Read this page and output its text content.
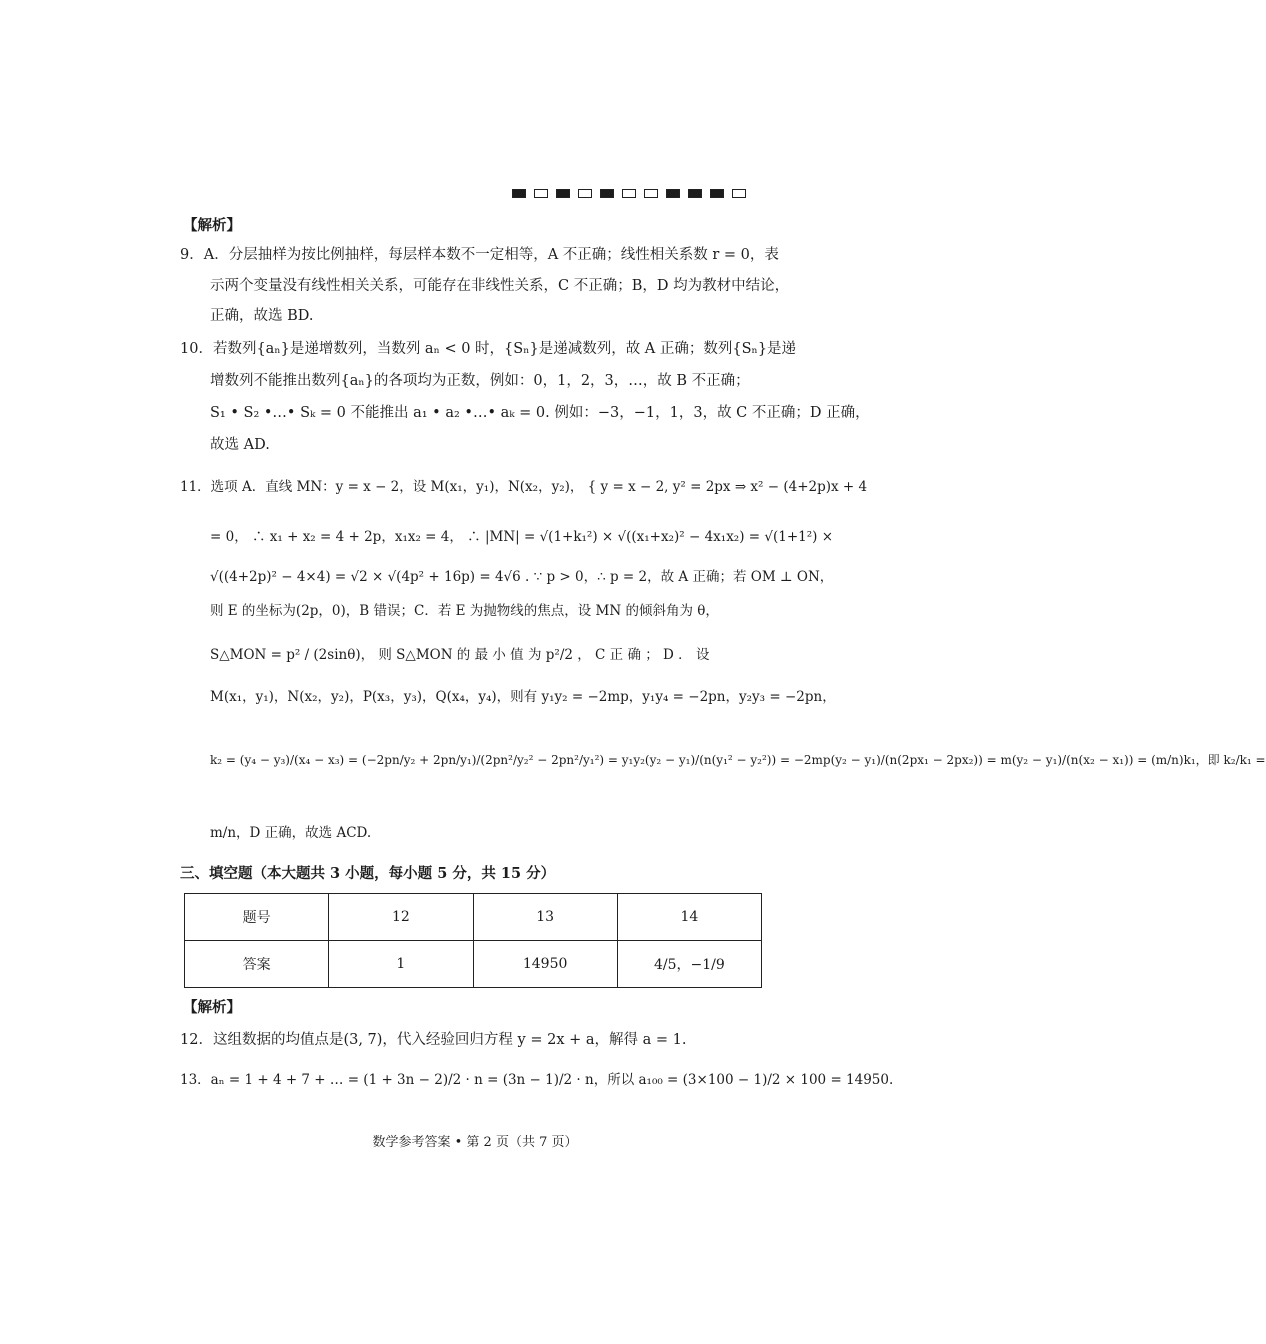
【解析】
9．A．分层抽样为按比例抽样，每层样本数不一定相等，A 不正确；线性相关系数 r = 0，表
示两个变量没有线性相关关系，可能存在非线性关系，C 不正确；B，D 均为教材中结论，
正确，故选 BD.
10．若数列{aₙ}是递增数列，当数列 aₙ < 0 时，{Sₙ}是递减数列，故 A 正确；数列{Sₙ}是递
增数列不能推出数列{aₙ}的各项均为正数，例如：0，1，2，3，…，故 B 不正确；
S₁ • S₂ •…• Sₖ = 0 不能推出 a₁ • a₂ •…• aₖ = 0. 例如：−3，−1，1，3，故 C 不正确；D 正确，
故选 AD.
11．选项 A．直线 MN：y = x − 2，设 M(x₁，y₁)，N(x₂，y₂)， { y = x − 2, y² = 2px ⇒ x² − (4+2p)x + 4
= 0， ∴ x₁ + x₂ = 4 + 2p，x₁x₂ = 4， ∴ |MN| = √(1+k₁²) × √((x₁+x₂)² − 4x₁x₂) = √(1+1²) ×
√((4+2p)² − 4×4) = √2 × √(4p² + 16p) = 4√6 . ∵ p > 0，∴ p = 2，故 A 正确；若 OM ⊥ ON，
则 E 的坐标为(2p，0)，B 错误；C．若 E 为抛物线的焦点，设 MN 的倾斜角为 θ，
S△MON = p² / (2sinθ)， 则 S△MON 的 最 小 值 为 p²/2 ， C 正 确 ； D ． 设
M(x₁，y₁)，N(x₂，y₂)，P(x₃，y₃)，Q(x₄，y₄)，则有 y₁y₂ = −2mp，y₁y₄ = −2pn，y₂y₃ = −2pn，
k₂ = (y₄ − y₃)/(x₄ − x₃) = (−2pn/y₂ + 2pn/y₁)/(2pn²/y₂² − 2pn²/y₁²) = y₁y₂(y₂ − y₁)/(n(y₁² − y₂²)) = −2mp(y₂ − y₁)/(n(2px₁ − 2px₂)) = m(y₂ − y₁)/(n(x₂ − x₁)) = (m/n)k₁，即 k₂/k₁ =
m/n，D 正确，故选 ACD.
三、填空题（本大题共 3 小题，每小题 5 分，共 15 分）
题号	12	13	14
答案	1	14950	4/5，−1/9
【解析】
12．这组数据的均值点是(3, 7)，代入经验回归方程 y = 2x + a，解得 a = 1.
13．aₙ = 1 + 4 + 7 + … = (1 + 3n − 2)/2 · n = (3n − 1)/2 · n，所以 a₁₀₀ = (3×100 − 1)/2 × 100 = 14950.
数学参考答案 • 第 2 页（共 7 页）
